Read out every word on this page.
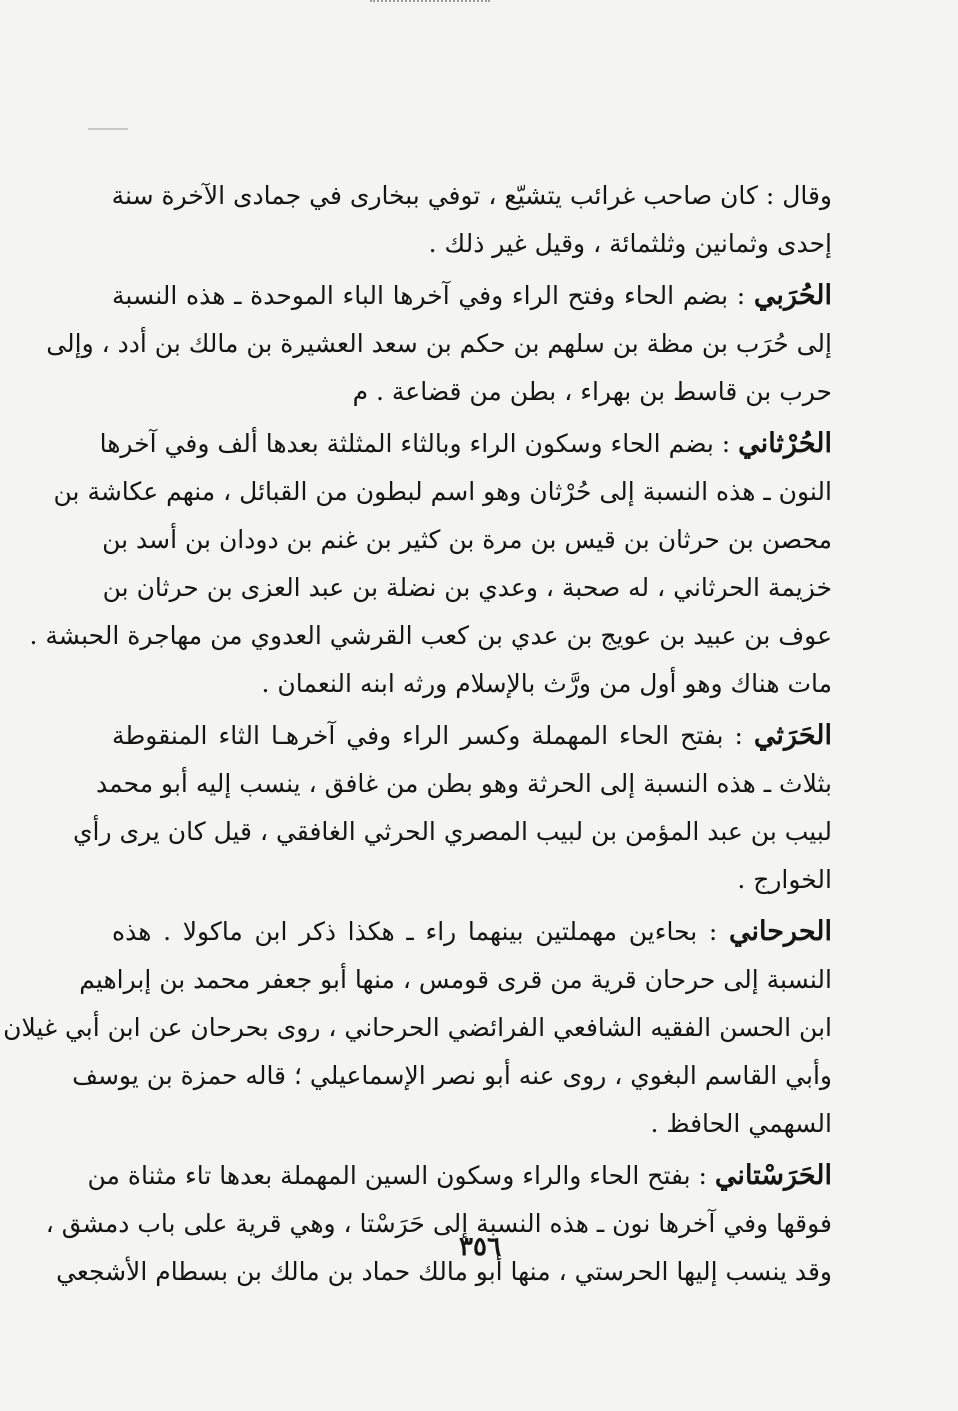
وقال : كان صاحب غرائب يتشيّع ، توفي ببخارى في جمادى الآخرة سنة
إحدى وثمانين وثلثمائة ، وقيل غير ذلك .
الحُرَبي : بضم الحاء وفتح الراء وفي آخرها الباء الموحدة ـ هذه النسبة
إلى حُرَب بن مظة بن سلهم بن حكم بن سعد العشيرة بن مالك بن أدد ، وإلى
حرب بن قاسط بن بهراء ، بطن من قضاعة . م
الحُرْثاني : بضم الحاء وسكون الراء وبالثاء المثلثة بعدها ألف وفي آخرها
النون ـ هذه النسبة إلى حُرْثان وهو اسم لبطون من القبائل ، منهم عكاشة بن
محصن بن حرثان بن قيس بن مرة بن كثير بن غنم بن دودان بن أسد بن
خزيمة الحرثاني ، له صحبة ، وعدي بن نضلة بن عبد العزى بن حرثان بن
عوف بن عبيد بن عويج بن عدي بن كعب القرشي العدوي من مهاجرة الحبشة .
مات هناك وهو أول من ورَّث بالإسلام ورثه ابنه النعمان .
الحَرَثي : بفتح الحاء المهملة وكسر الراء وفي آخرهـا الثاء المنقوطة
بثلاث ـ هذه النسبة إلى الحرثة وهو بطن من غافق ، ينسب إليه أبو محمد
لبيب بن عبد المؤمن بن لبيب المصري الحرثي الغافقي ، قيل كان يرى رأي
الخوارج .
الحرحاني : بحاءين مهملتين بينهما راء ـ هكذا ذكر ابن ماكولا . هذه
النسبة إلى حرحان قرية من قرى قومس ، منها أبو جعفر محمد بن إبراهيم
ابن الحسن الفقيه الشافعي الفرائضي الحرحاني ، روى بحرحان عن ابن أبي غيلان
وأبي القاسم البغوي ، روى عنه أبو نصر الإسماعيلي ؛ قاله حمزة بن يوسف
السهمي الحافظ .
الحَرَسْتاني : بفتح الحاء والراء وسكون السين المهملة بعدها تاء مثناة من
فوقها وفي آخرها نون ـ هذه النسبة إلى حَرَسْتا ، وهي قرية على باب دمشق ،
وقد ينسب إليها الحرستي ، منها أبو مالك حماد بن مالك بن بسطام الأشجعي
٣٥٦
